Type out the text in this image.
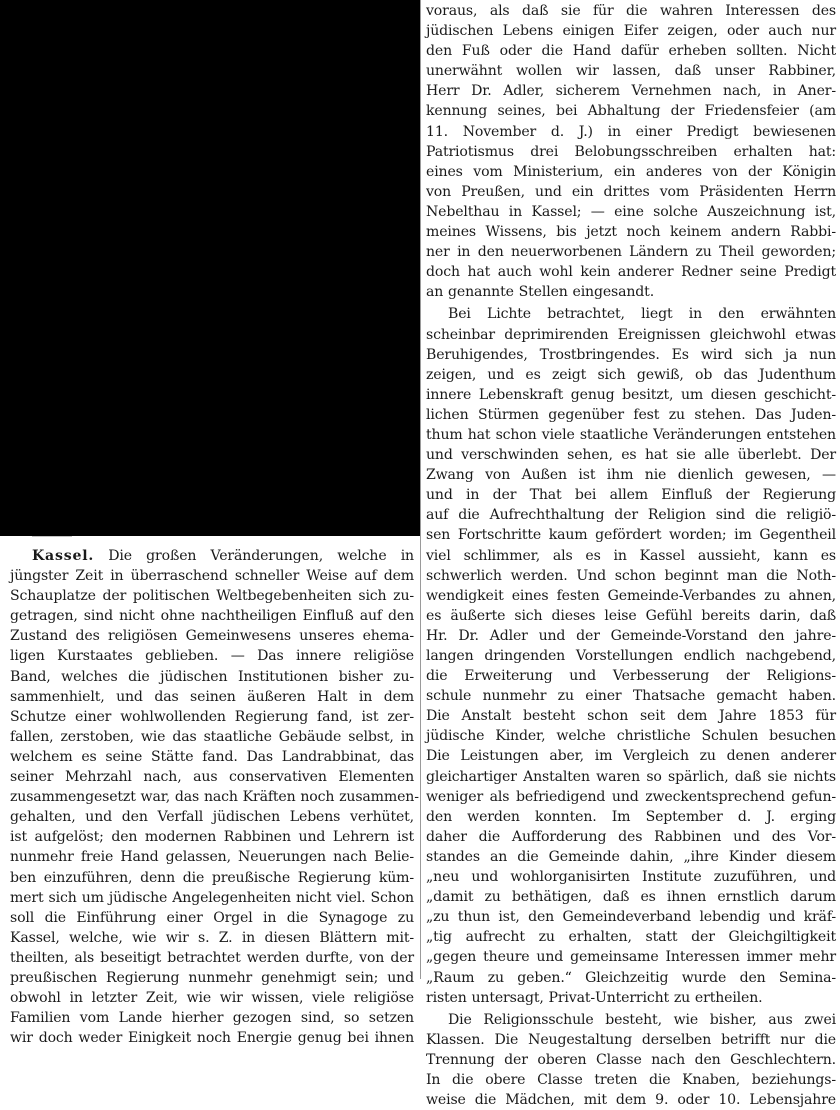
Kassel. Die großen Veränderungen, welche in
jüngster Zeit in überraschend schneller Weise auf dem
Schauplatze der politischen Weltbegebenheiten sich zu-
getragen, sind nicht ohne nachtheiligen Einfluß auf den
Zustand des religiösen Gemeinwesens unseres ehema-
ligen Kurstaates geblieben. — Das innere religiöse
Band, welches die jüdischen Institutionen bisher zu-
sammenhielt, und das seinen äußeren Halt in dem
Schutze einer wohlwollenden Regierung fand, ist zer-
fallen, zerstoben, wie das staatliche Gebäude selbst, in
welchem es seine Stätte fand. Das Landrabbinat, das
seiner Mehrzahl nach, aus conservativen Elementen
zusammengesetzt war, das nach Kräften noch zusammen-
gehalten, und den Verfall jüdischen Lebens verhütet,
ist aufgelöst; den modernen Rabbinen und Lehrern ist
nunmehr freie Hand gelassen, Neuerungen nach Belie-
ben einzuführen, denn die preußische Regierung küm-
mert sich um jüdische Angelegenheiten nicht viel. Schon
soll die Einführung einer Orgel in die Synagoge zu
Kassel, welche, wie wir s. Z. in diesen Blättern mit-
theilten, als beseitigt betrachtet werden durfte, von der
preußischen Regierung nunmehr genehmigt sein; und
obwohl in letzter Zeit, wie wir wissen, viele religiöse
Familien vom Lande hierher gezogen sind, so setzen
wir doch weder Einigkeit noch Energie genug bei ihnen
voraus, als daß sie für die wahren Interessen des
jüdischen Lebens einigen Eifer zeigen, oder auch nur
den Fuß oder die Hand dafür erheben sollten. Nicht
unerwähnt wollen wir lassen, daß unser Rabbiner,
Herr Dr. Adler, sicherem Vernehmen nach, in Aner-
kennung seines, bei Abhaltung der Friedensfeier (am
11. November d. J.) in einer Predigt bewiesenen
Patriotismus drei Belobungsschreiben erhalten hat:
eines vom Ministerium, ein anderes von der Königin
von Preußen, und ein drittes vom Präsidenten Herrn
Nebelthau in Kassel; — eine solche Auszeichnung ist,
meines Wissens, bis jetzt noch keinem andern Rabbi-
ner in den neuerworbenen Ländern zu Theil geworden;
doch hat auch wohl kein anderer Redner seine Predigt
an genannte Stellen eingesandt.
Bei Lichte betrachtet, liegt in den erwähnten
scheinbar deprimirenden Ereignissen gleichwohl etwas
Beruhigendes, Trostbringendes. Es wird sich ja nun
zeigen, und es zeigt sich gewiß, ob das Judenthum
innere Lebenskraft genug besitzt, um diesen geschicht-
lichen Stürmen gegenüber fest zu stehen. Das Juden-
thum hat schon viele staatliche Veränderungen entstehen
und verschwinden sehen, es hat sie alle überlebt. Der
Zwang von Außen ist ihm nie dienlich gewesen, —
und in der That bei allem Einfluß der Regierung
auf die Aufrechthaltung der Religion sind die religiö-
sen Fortschritte kaum gefördert worden; im Gegentheil
viel schlimmer, als es in Kassel aussieht, kann es
schwerlich werden. Und schon beginnt man die Noth-
wendigkeit eines festen Gemeinde-Verbandes zu ahnen,
es äußerte sich dieses leise Gefühl bereits darin, daß
Hr. Dr. Adler und der Gemeinde-Vorstand den jahre-
langen dringenden Vorstellungen endlich nachgebend,
die Erweiterung und Verbesserung der Religions-
schule nunmehr zu einer Thatsache gemacht haben.
Die Anstalt besteht schon seit dem Jahre 1853 für
jüdische Kinder, welche christliche Schulen besuchen
Die Leistungen aber, im Vergleich zu denen anderer
gleichartiger Anstalten waren so spärlich, daß sie nichts
weniger als befriedigend und zweckentsprechend gefun-
den werden konnten. Im September d. J. erging
daher die Aufforderung des Rabbinen und des Vor-
standes an die Gemeinde dahin, „ihre Kinder diesem
„neu und wohlorganisirten Institute zuzuführen, und
„damit zu bethätigen, daß es ihnen ernstlich darum
„zu thun ist, den Gemeindeverband lebendig und kräf-
„tig aufrecht zu erhalten, statt der Gleichgiltigkeit
„gegen theure und gemeinsame Interessen immer mehr
„Raum zu geben.“ Gleichzeitig wurde den Semina-
risten untersagt, Privat-Unterricht zu ertheilen.
Die Religionsschule besteht, wie bisher, aus zwei
Klassen. Die Neugestaltung derselben betrifft nur die
Trennung der oberen Classe nach den Geschlechtern.
In die obere Classe treten die Knaben, beziehungs-
weise die Mädchen, mit dem 9. oder 10. Lebensjahre
